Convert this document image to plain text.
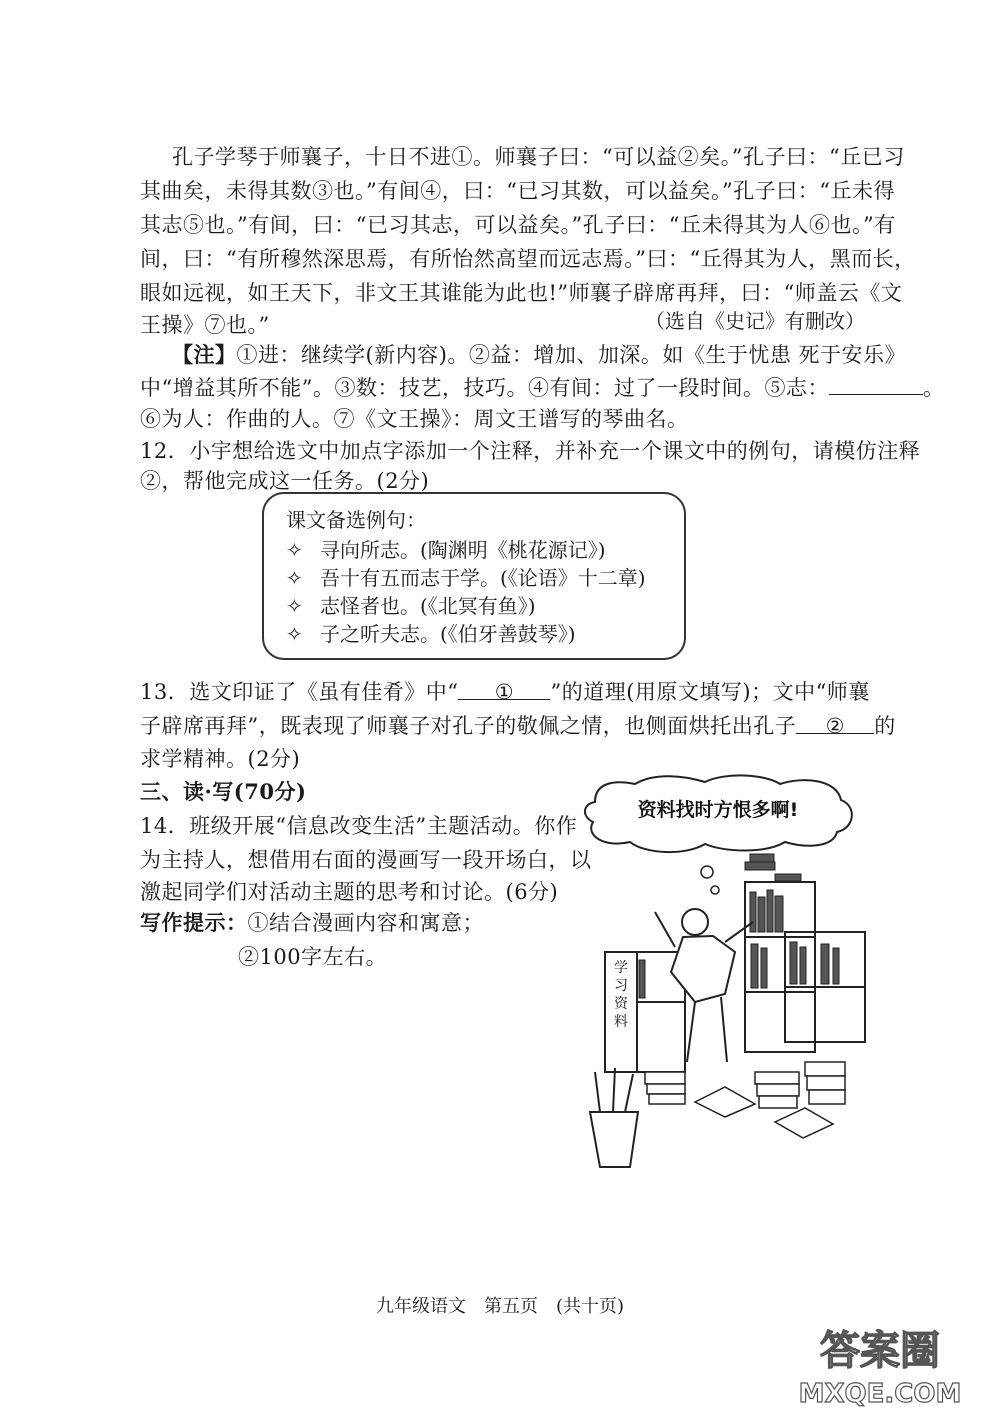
孔子学琴于师襄子，十日不进①。师襄子曰：“可以益②矣。”孔子曰：“丘已习
其曲矣，未得其数③也。”有间④，曰：“已习其数，可以益矣。”孔子曰：“丘未得
其志⑤也。”有间，曰：“已习其志，可以益矣。”孔子曰：“丘未得其为人⑥也。”有
间，曰：“有所穆然深思焉，有所怡然高望而远志焉。”曰：“丘得其为人，黑而长，
眼如远视，如王天下，非文王其谁能为此也!”师襄子辟席再拜，曰：“师盖云《文
王操》⑦也。”	（选自《史记》有删改）
【注】①进：继续学(新内容)。②益：增加、加深。如《生于忧患 死于安乐》
中“增益其所不能”。③数：技艺，技巧。④有间：过了一段时间。⑤志：	。
⑥为人：作曲的人。⑦《文王操》：周文王谱写的琴曲名。
12．小宇想给选文中加点字添加一个注释，并补充一个课文中的例句，请模仿注释
②，帮他完成这一任务。(2分)
课文备选例句：
✧ 寻向所志。(陶渊明《桃花源记》)
✧ 吾十有五而志于学。(《论语》十二章)
✧ 志怪者也。(《北冥有鱼》)
✧ 子之听夫志。(《伯牙善鼓琴》)
13．选文印证了《虽有佳肴》中“ ① ”的道理(用原文填写)；文中“师襄
子辟席再拜”，既表现了师襄子对孔子的敬佩之情，也侧面烘托出孔子 ② 的
求学精神。(2分)
三、读·写(70分)
14．班级开展“信息改变生活”主题活动。你作
为主持人，想借用右面的漫画写一段开场白，以
激起同学们对活动主题的思考和讨论。(6分)
写作提示：①结合漫画内容和寓意；
②100字左右。
资料找时方恨多啊!
学习资料
九年级语文　第五页　(共十页)
答案圈
MXQE.COM
